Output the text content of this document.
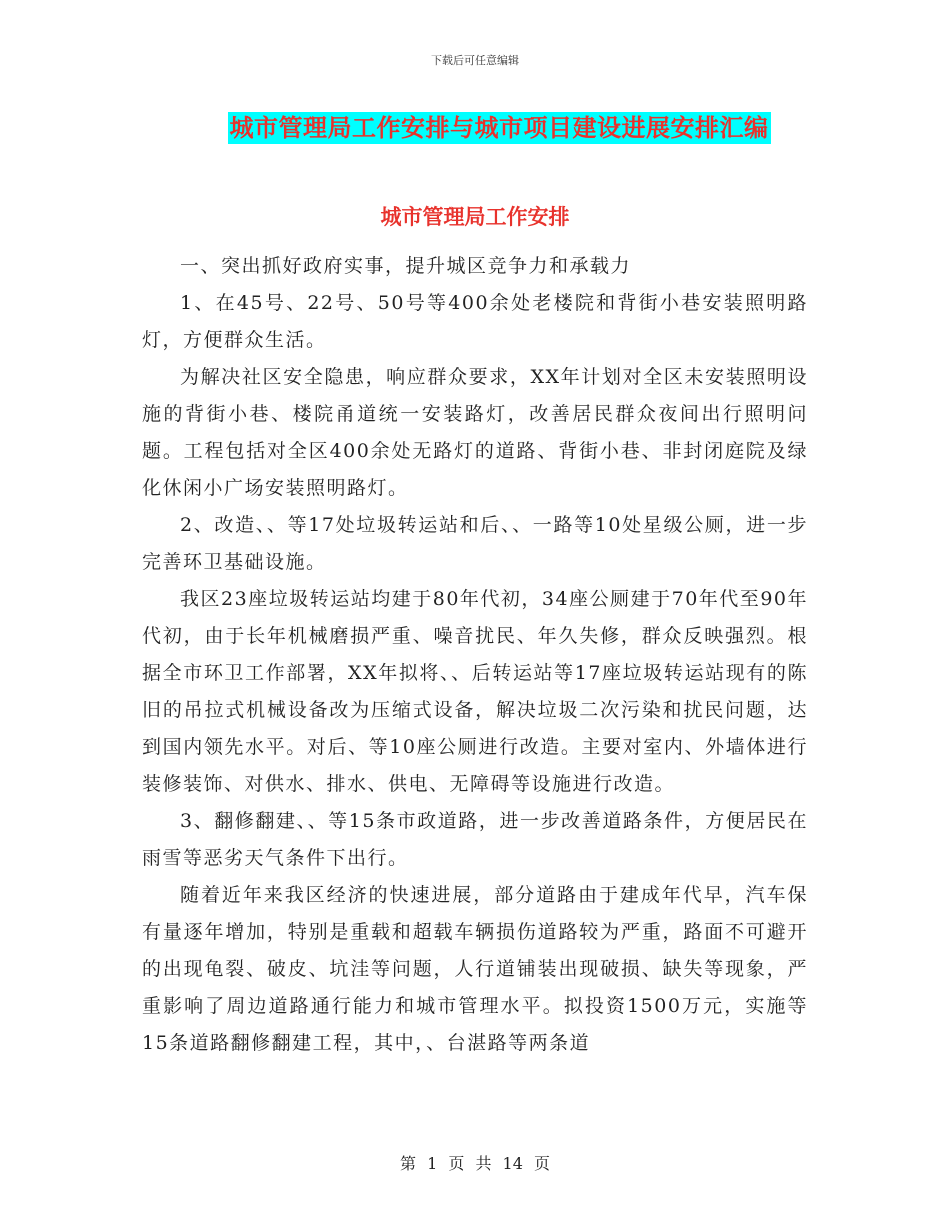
下载后可任意编辑
城市管理局工作安排与城市项目建设进展安排汇编
城市管理局工作安排

一、突出抓好政府实事，提升城区竞争力和承载力

1、在45号、22号、50号等400余处老楼院和背街小巷安装照明路灯，方便群众生活。

为解决社区安全隐患，响应群众要求，XX年计划对全区未安装照明设施的背街小巷、楼院甬道统一安装路灯，改善居民群众夜间出行照明问题。工程包括对全区400余处无路灯的道路、背街小巷、非封闭庭院及绿化休闲小广场安装照明路灯。

2、改造、、等17处垃圾转运站和后、、一路等10处星级公厕，进一步完善环卫基础设施。

我区23座垃圾转运站均建于80年代初，34座公厕建于70年代至90年代初，由于长年机械磨损严重、噪音扰民、年久失修，群众反映强烈。根据全市环卫工作部署，XX年拟将、、后转运站等17座垃圾转运站现有的陈旧的吊拉式机械设备改为压缩式设备，解决垃圾二次污染和扰民问题，达到国内领先水平。对后、等10座公厕进行改造。主要对室内、外墙体进行装修装饰、对供水、排水、供电、无障碍等设施进行改造。

3、翻修翻建、、等15条市政道路，进一步改善道路条件，方便居民在雨雪等恶劣天气条件下出行。

随着近年来我区经济的快速进展，部分道路由于建成年代早，汽车保有量逐年增加，特别是重载和超载车辆损伤道路较为严重，路面不可避开的出现龟裂、破皮、坑洼等问题，人行道铺装出现破损、缺失等现象，严重影响了周边道路通行能力和城市管理水平。拟投资1500万元，实施等15条道路翻修翻建工程，其中，、台湛路等两条道

第 1 页 共 14 页
